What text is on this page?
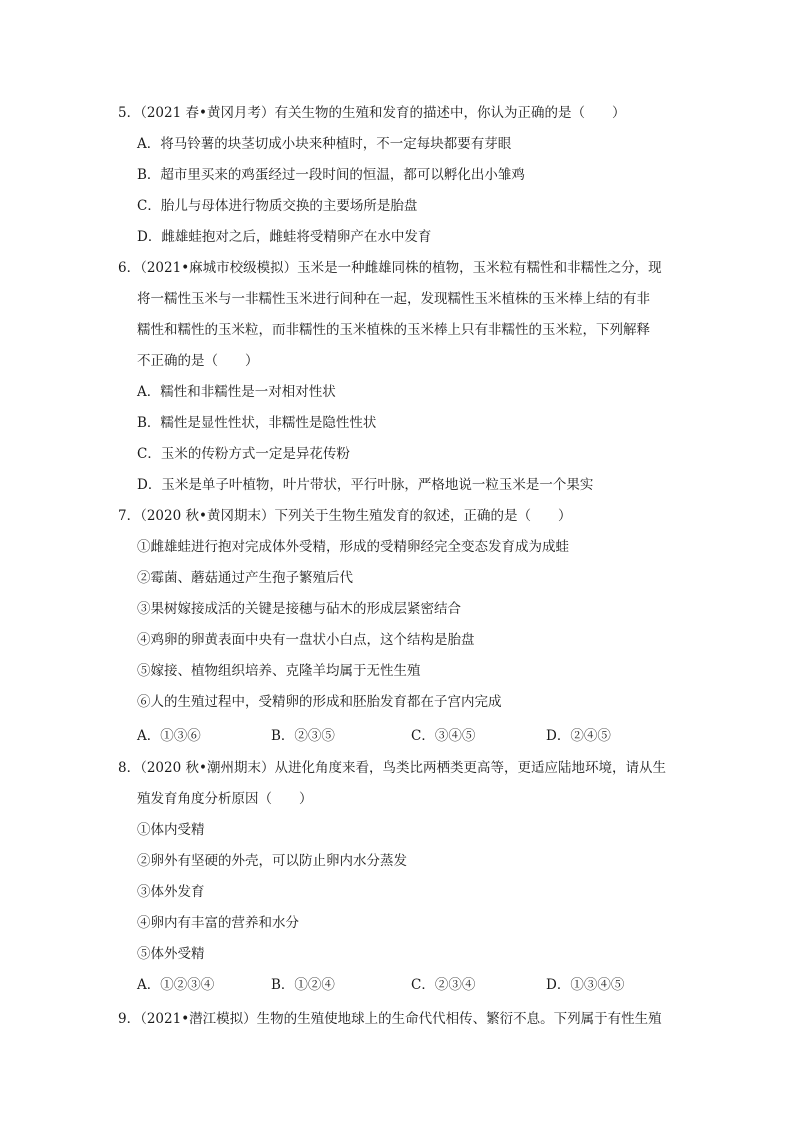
5．（2021 春•黄冈月考）有关生物的生殖和发育的描述中，你认为正确的是（　　）
A．将马铃薯的块茎切成小块来种植时，不一定每块都要有芽眼
B．超市里买来的鸡蛋经过一段时间的恒温，都可以孵化出小雏鸡
C．胎儿与母体进行物质交换的主要场所是胎盘
D．雌雄蛙抱对之后，雌蛙将受精卵产在水中发育
6．（2021•麻城市校级模拟）玉米是一种雌雄同株的植物，玉米粒有糯性和非糯性之分，现
将一糯性玉米与一非糯性玉米进行间种在一起，发现糯性玉米植株的玉米棒上结的有非
糯性和糯性的玉米粒，而非糯性的玉米植株的玉米棒上只有非糯性的玉米粒，下列解释
不正确的是（　　）
A．糯性和非糯性是一对相对性状
B．糯性是显性性状，非糯性是隐性性状
C．玉米的传粉方式一定是异花传粉
D．玉米是单子叶植物，叶片带状，平行叶脉，严格地说一粒玉米是一个果实
7．（2020 秋•黄冈期末）下列关于生物生殖发育的叙述，正确的是（　　）
①雌雄蛙进行抱对完成体外受精，形成的受精卵经完全变态发育成为成蛙
②霉菌、蘑菇通过产生孢子繁殖后代
③果树嫁接成活的关键是接穗与砧木的形成层紧密结合
④鸡卵的卵黄表面中央有一盘状小白点，这个结构是胎盘
⑤嫁接、植物组织培养、克隆羊均属于无性生殖
⑥人的生殖过程中，受精卵的形成和胚胎发育都在子宫内完成
A．①③⑥	B．②③⑤	C．③④⑤	D．②④⑤
8．（2020 秋•潮州期末）从进化角度来看，鸟类比两栖类更高等，更适应陆地环境，请从生
殖发育角度分析原因（　　）
①体内受精
②卵外有坚硬的外壳，可以防止卵内水分蒸发
③体外发育
④卵内有丰富的营养和水分
⑤体外受精
A．①②③④	B．①②④	C．②③④	D．①③④⑤
9．（2021•潜江模拟）生物的生殖使地球上的生命代代相传、繁衍不息。下列属于有性生殖
